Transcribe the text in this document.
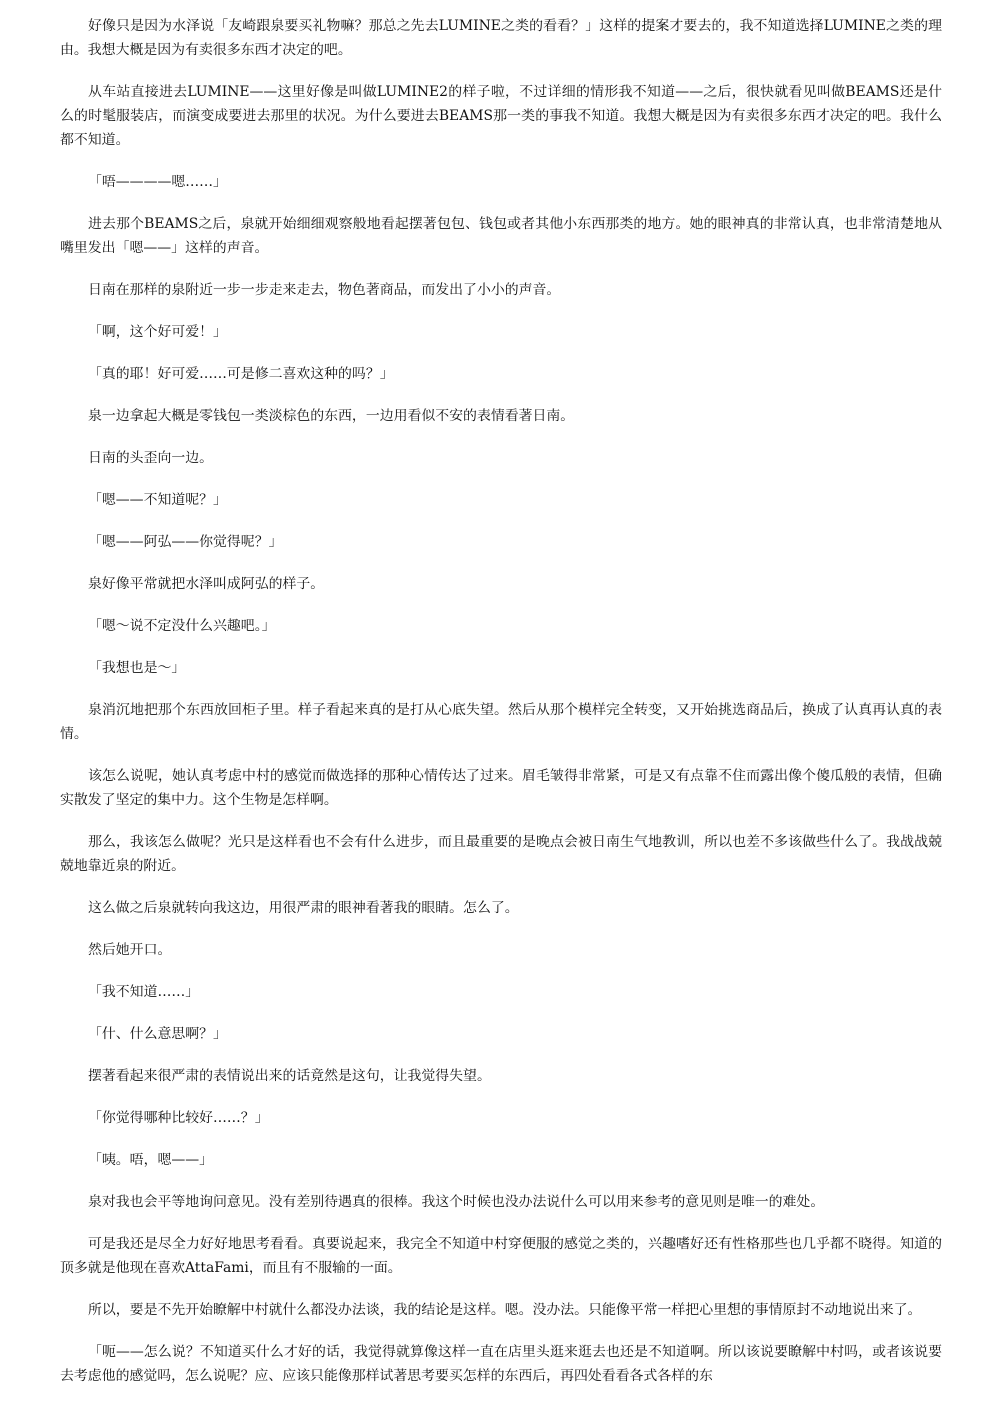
好像只是因为水泽说「友崎跟泉要买礼物嘛？那总之先去LUMINE之类的看看？」这样的提案才要去的，我不知道选择LUMINE之类的理由。我想大概是因为有卖很多东西才决定的吧。

从车站直接进去LUMINE——这里好像是叫做LUMINE2的样子啦，不过详细的情形我不知道——之后，很快就看见叫做BEAMS还是什么的时髦服装店，而演变成要进去那里的状况。为什么要进去BEAMS那一类的事我不知道。我想大概是因为有卖很多东西才决定的吧。我什么都不知道。

「唔————嗯……」

进去那个BEAMS之后，泉就开始细细观察般地看起摆著包包、钱包或者其他小东西那类的地方。她的眼神真的非常认真，也非常清楚地从嘴里发出「嗯——」这样的声音。

日南在那样的泉附近一步一步走来走去，物色著商品，而发出了小小的声音。

「啊，这个好可爱！」

「真的耶！好可爱……可是修二喜欢这种的吗？」

泉一边拿起大概是零钱包一类淡棕色的东西，一边用看似不安的表情看著日南。

日南的头歪向一边。

「嗯——不知道呢？」

「嗯——阿弘——你觉得呢？」

泉好像平常就把水泽叫成阿弘的样子。

「嗯～说不定没什么兴趣吧。」

「我想也是～」

泉消沉地把那个东西放回柜子里。样子看起来真的是打从心底失望。然后从那个模样完全转变，又开始挑选商品后，换成了认真再认真的表情。

该怎么说呢，她认真考虑中村的感觉而做选择的那种心情传达了过来。眉毛皱得非常紧，可是又有点靠不住而露出像个傻瓜般的表情，但确实散发了坚定的集中力。这个生物是怎样啊。

那么，我该怎么做呢？光只是这样看也不会有什么进步，而且最重要的是晚点会被日南生气地教训，所以也差不多该做些什么了。我战战兢兢地靠近泉的附近。

这么做之后泉就转向我这边，用很严肃的眼神看著我的眼睛。怎么了。

然后她开口。

「我不知道……」

「什、什么意思啊？」

摆著看起来很严肃的表情说出来的话竟然是这句，让我觉得失望。

「你觉得哪种比较好……？」

「咦。唔，嗯——」

泉对我也会平等地询问意见。没有差别待遇真的很棒。我这个时候也没办法说什么可以用来参考的意见则是唯一的难处。

可是我还是尽全力好好地思考看看。真要说起来，我完全不知道中村穿便服的感觉之类的，兴趣嗜好还有性格那些也几乎都不晓得。知道的顶多就是他现在喜欢AttaFami，而且有不服输的一面。

所以，要是不先开始瞭解中村就什么都没办法谈，我的结论是这样。嗯。没办法。只能像平常一样把心里想的事情原封不动地说出来了。

「呃——怎么说？不知道买什么才好的话，我觉得就算像这样一直在店里头逛来逛去也还是不知道啊。所以该说要瞭解中村吗，或者该说要去考虑他的感觉吗，怎么说呢？应、应该只能像那样试著思考要买怎样的东西后，再四处看看各式各样的东
